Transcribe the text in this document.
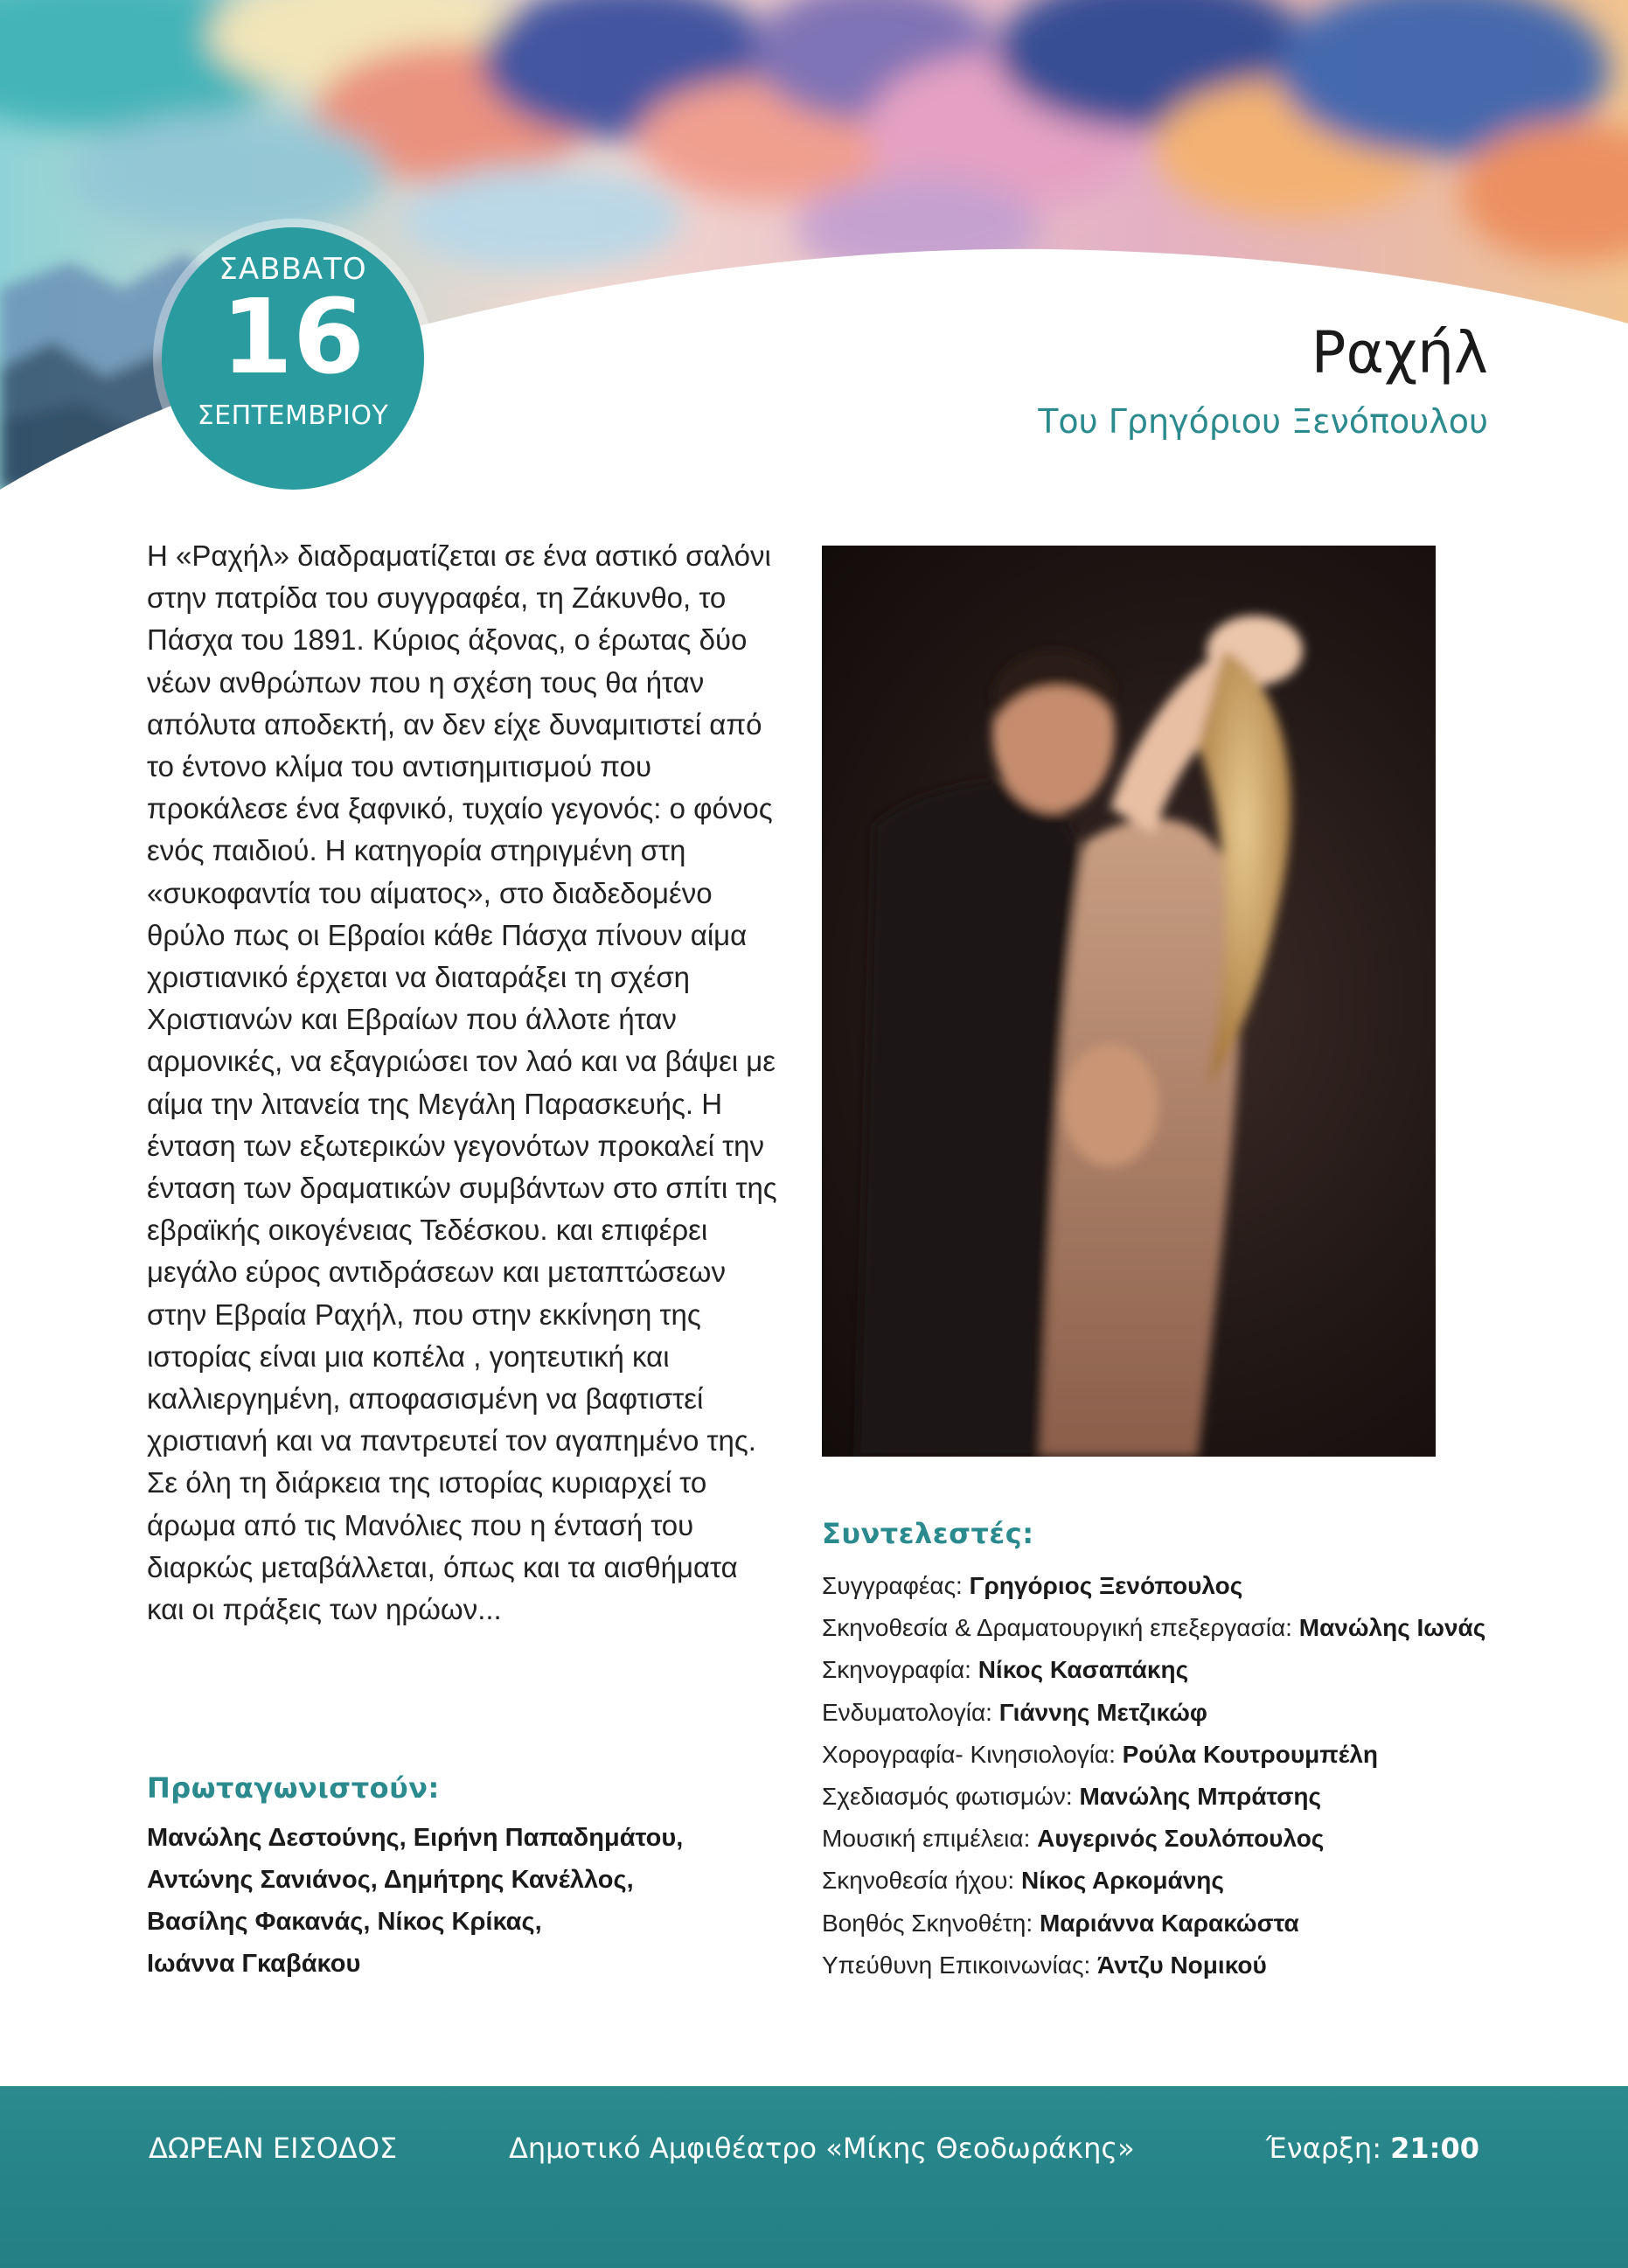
ΣΑΒΒΑΤΟ
16
ΣΕΠΤΕΜΒΡΙΟΥ
Ραχήλ
Του Γρηγόριου Ξενόπουλου

Η «Ραχήλ» διαδραματίζεται σε ένα αστικό σαλόνι στην πατρίδα του συγγραφέα, τη Ζάκυνθο, το Πάσχα του 1891. Κύριος άξονας, ο έρωτας δύο νέων ανθρώπων που η σχέση τους θα ήταν απόλυτα αποδεκτή, αν δεν είχε δυναμιτιστεί από το έντονο κλίμα του αντισημιτισμού που προκάλεσε ένα ξαφνικό, τυχαίο γεγονός: ο φόνος ενός παιδιού. Η κατηγορία στηριγμένη στη «συκοφαντία του αίματος», στο διαδεδομένο θρύλο πως οι Εβραίοι κάθε Πάσχα πίνουν αίμα χριστιανικό έρχεται να διαταράξει τη σχέση Χριστιανών και Εβραίων που άλλοτε ήταν αρμονικές, να εξαγριώσει τον λαό και να βάψει με αίμα την λιτανεία της Μεγάλη Παρασκευής. Η ένταση των εξωτερικών γεγονότων προκαλεί την ένταση των δραματικών συμβάντων στο σπίτι της εβραϊκής οικογένειας Τεδέσκου. και επιφέρει μεγάλο εύρος αντιδράσεων και μεταπτώσεων στην Εβραία Ραχήλ, που στην εκκίνηση της ιστορίας είναι μια κοπέλα , γοητευτική και καλλιεργημένη, αποφασισμένη να βαφτιστεί χριστιανή και να παντρευτεί τον αγαπημένο της. Σε όλη τη διάρκεια της ιστορίας κυριαρχεί το άρωμα από τις Μανόλιες που η έντασή του διαρκώς μεταβάλλεται, όπως και τα αισθήματα και οι πράξεις των ηρώων...

Πρωταγωνιστούν:
Μανώλης Δεστούνης, Ειρήνη Παπαδημάτου,
Αντώνης Σανιάνος, Δημήτρης Κανέλλος,
Βασίλης Φακανάς, Νίκος Κρίκας,
Ιωάννα Γκαβάκου
Συντελεστές:
Συγγραφέας: Γρηγόριος Ξενόπουλος
Σκηνοθεσία & Δραματουργική επεξεργασία: Μανώλης Ιωνάς
Σκηνογραφία: Νίκος Κασαπάκης
Ενδυματολογία: Γιάννης Μετζικώφ
Χορογραφία- Κινησιολογία: Ρούλα Κουτρουμπέλη
Σχεδιασμός φωτισμών: Μανώλης Μπράτσης
Μουσική επιμέλεια: Αυγερινός Σουλόπουλος
Σκηνοθεσία ήχου: Νίκος Αρκομάνης
Βοηθός Σκηνοθέτη: Μαριάννα Καρακώστα
Υπεύθυνη Επικοινωνίας: Άντζυ Νομικού
ΔΩΡΕΑΝ ΕΙΣΟΔΟΣ	Δημοτικό Αμφιθέατρο «Μίκης Θεοδωράκης»	Έναρξη: 21:00
